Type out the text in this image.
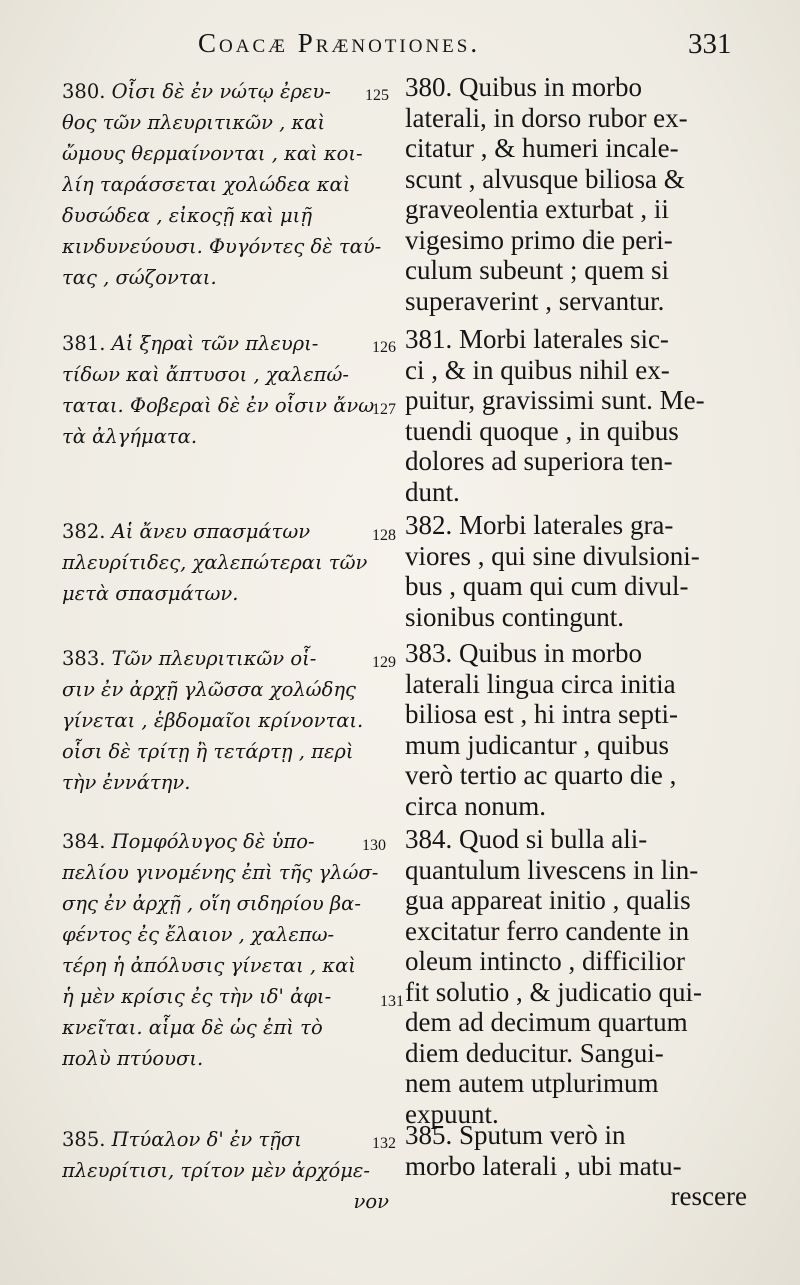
Coacæ Prænotiones.	331
380. Οἷσι δὲ ἐν νώτῳ ἐρευ-
θος τῶν πλευριτικῶν , καὶ
ὤμους θερμαίνονται , καὶ κοι-
λίη ταράσσεται χολώδεα καὶ
δυσώδεα , εἰκοςῇ καὶ μιῇ
κινδυνεύουσι. Φυγόντες δὲ ταύ-
τας , σώζονται.
125
381. Αἱ ξηραὶ τῶν πλευρι-
τίδων καὶ ἄπτυσοι , χαλεπώ-
ταται. Φοβεραὶ δὲ ἐν οἷσιν ἄνω
τὰ ἀλγήματα.
126
127
382. Αἱ ἄνευ σπασμάτων
πλευρίτιδες, χαλεπώτεραι τῶν
μετὰ σπασμάτων.
128
383. Τῶν πλευριτικῶν οἷ-
σιν ἐν ἀρχῇ γλῶσσα χολώδης
γίνεται , ἑβδομαῖοι κρίνονται.
οἷσι δὲ τρίτῃ ἢ τετάρτῃ , περὶ
τὴν ἐννάτην.
129
384. Πομφόλυγος δὲ ὑπο-
πελίου γινομένης ἐπὶ τῆς γλώσ-
σης ἐν ἀρχῇ , οἵη σιδηρίου βα-
φέντος ἐς ἔλαιον , χαλεπω-
τέρη ἡ ἀπόλυσις γίνεται , καὶ
ἡ μὲν κρίσις ἐς τὴν ιδ' ἀφι-
κνεῖται. αἷμα δὲ ὡς ἐπὶ τὸ
πολὺ πτύουσι.
130
131
385. Πτύαλον δ' ἐν τῇσι
πλευρίτισι, τρίτον μὲν ἀρχόμε-
νον
132
380. Quibus in morbo
laterali, in dorso rubor ex-
citatur , & humeri incale-
scunt , alvusque biliosa &
graveolentia exturbat , ii
vigesimo primo die peri-
culum subeunt ; quem si
superaverint , servantur.
381. Morbi laterales sic-
ci , & in quibus nihil ex-
puitur, gravissimi sunt. Me-
tuendi quoque , in quibus
dolores ad superiora ten-
dunt.
382. Morbi laterales gra-
viores , qui sine divulsioni-
bus , quam qui cum divul-
sionibus contingunt.
383. Quibus in morbo
laterali lingua circa initia
biliosa est , hi intra septi-
mum judicantur , quibus
verò tertio ac quarto die ,
circa nonum.
384. Quod si bulla ali-
quantulum livescens in lin-
gua appareat initio , qualis
excitatur ferro candente in
oleum intincto , difficilior
fit solutio , & judicatio qui-
dem ad decimum quartum
diem deducitur. Sangui-
nem autem utplurimum
expuunt.
385. Sputum verò in
morbo laterali , ubi matu-
rescere
